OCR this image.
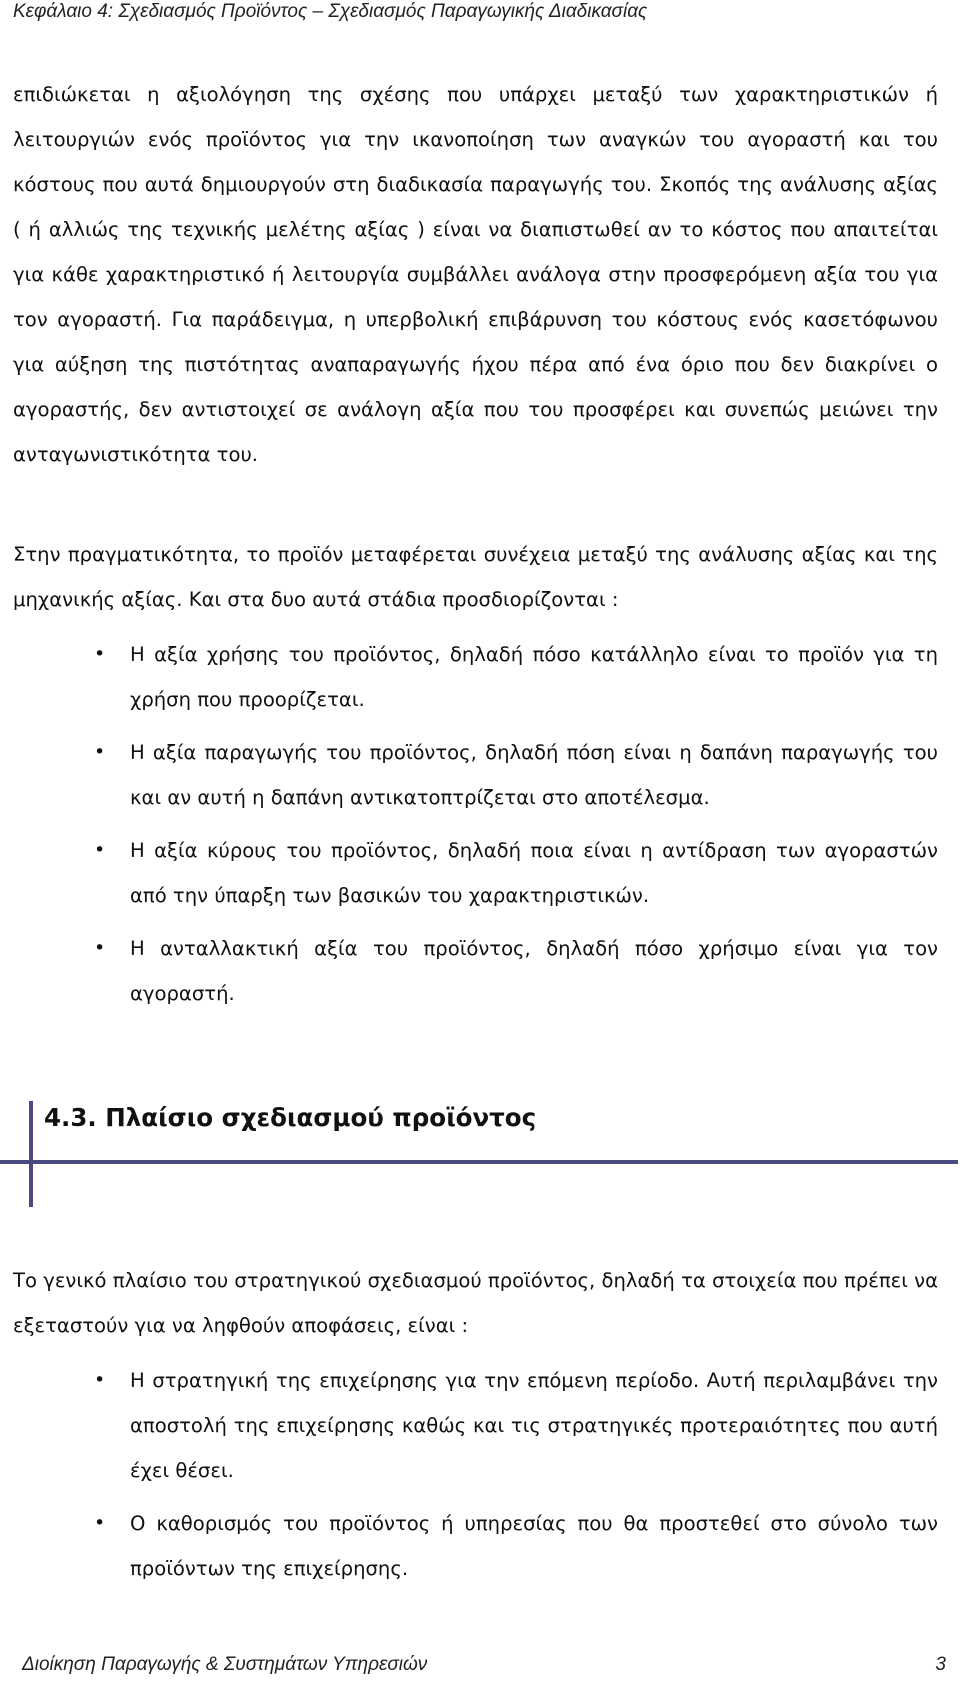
Κεφάλαιο 4: Σχεδιασμός Προϊόντος – Σχεδιασμός Παραγωγικής Διαδικασίας

επιδιώκεται η αξιολόγηση της σχέσης που υπάρχει μεταξύ των χαρακτηριστικών ή λειτουργιών ενός προϊόντος για την ικανοποίηση των αναγκών του αγοραστή και του κόστους που αυτά δημιουργούν στη διαδικασία παραγωγής του. Σκοπός της ανάλυσης αξίας ( ή αλλιώς της τεχνικής μελέτης αξίας ) είναι να διαπιστωθεί αν το κόστος που απαιτείται για κάθε χαρακτηριστικό ή λειτουργία συμβάλλει ανάλογα στην προσφερόμενη αξία του για τον αγοραστή. Για παράδειγμα, η υπερβολική επιβάρυνση του κόστους ενός κασετόφωνου για αύξηση της πιστότητας αναπαραγωγής ήχου πέρα από ένα όριο που δεν διακρίνει ο αγοραστής, δεν αντιστοιχεί σε ανάλογη αξία που του προσφέρει και συνεπώς μειώνει την ανταγωνιστικότητα του.

Στην πραγματικότητα, το προϊόν μεταφέρεται συνέχεια μεταξύ της ανάλυσης αξίας και της μηχανικής αξίας. Και στα δυο αυτά στάδια προσδιορίζονται :

• Η αξία χρήσης του προϊόντος, δηλαδή πόσο κατάλληλο είναι το προϊόν για τη χρήση που προορίζεται.
• Η αξία παραγωγής του προϊόντος, δηλαδή πόση είναι η δαπάνη παραγωγής του και αν αυτή η δαπάνη αντικατοπτρίζεται στο αποτέλεσμα.
• Η αξία κύρους του προϊόντος, δηλαδή ποια είναι η αντίδραση των αγοραστών από την ύπαρξη των βασικών του χαρακτηριστικών.
• Η ανταλλακτική αξία του προϊόντος, δηλαδή πόσο χρήσιμο είναι για τον αγοραστή.
4.3. Πλαίσιο σχεδιασμού προϊόντος

Το γενικό πλαίσιο του στρατηγικού σχεδιασμού προϊόντος, δηλαδή τα στοιχεία που πρέπει να εξεταστούν για να ληφθούν αποφάσεις, είναι :

• Η στρατηγική της επιχείρησης για την επόμενη περίοδο. Αυτή περιλαμβάνει την αποστολή της επιχείρησης καθώς και τις στρατηγικές προτεραιότητες που αυτή έχει θέσει.
• Ο καθορισμός του προϊόντος ή υπηρεσίας που θα προστεθεί στο σύνολο των προϊόντων της επιχείρησης.
Διοίκηση Παραγωγής & Συστημάτων Υπηρεσιών	3
